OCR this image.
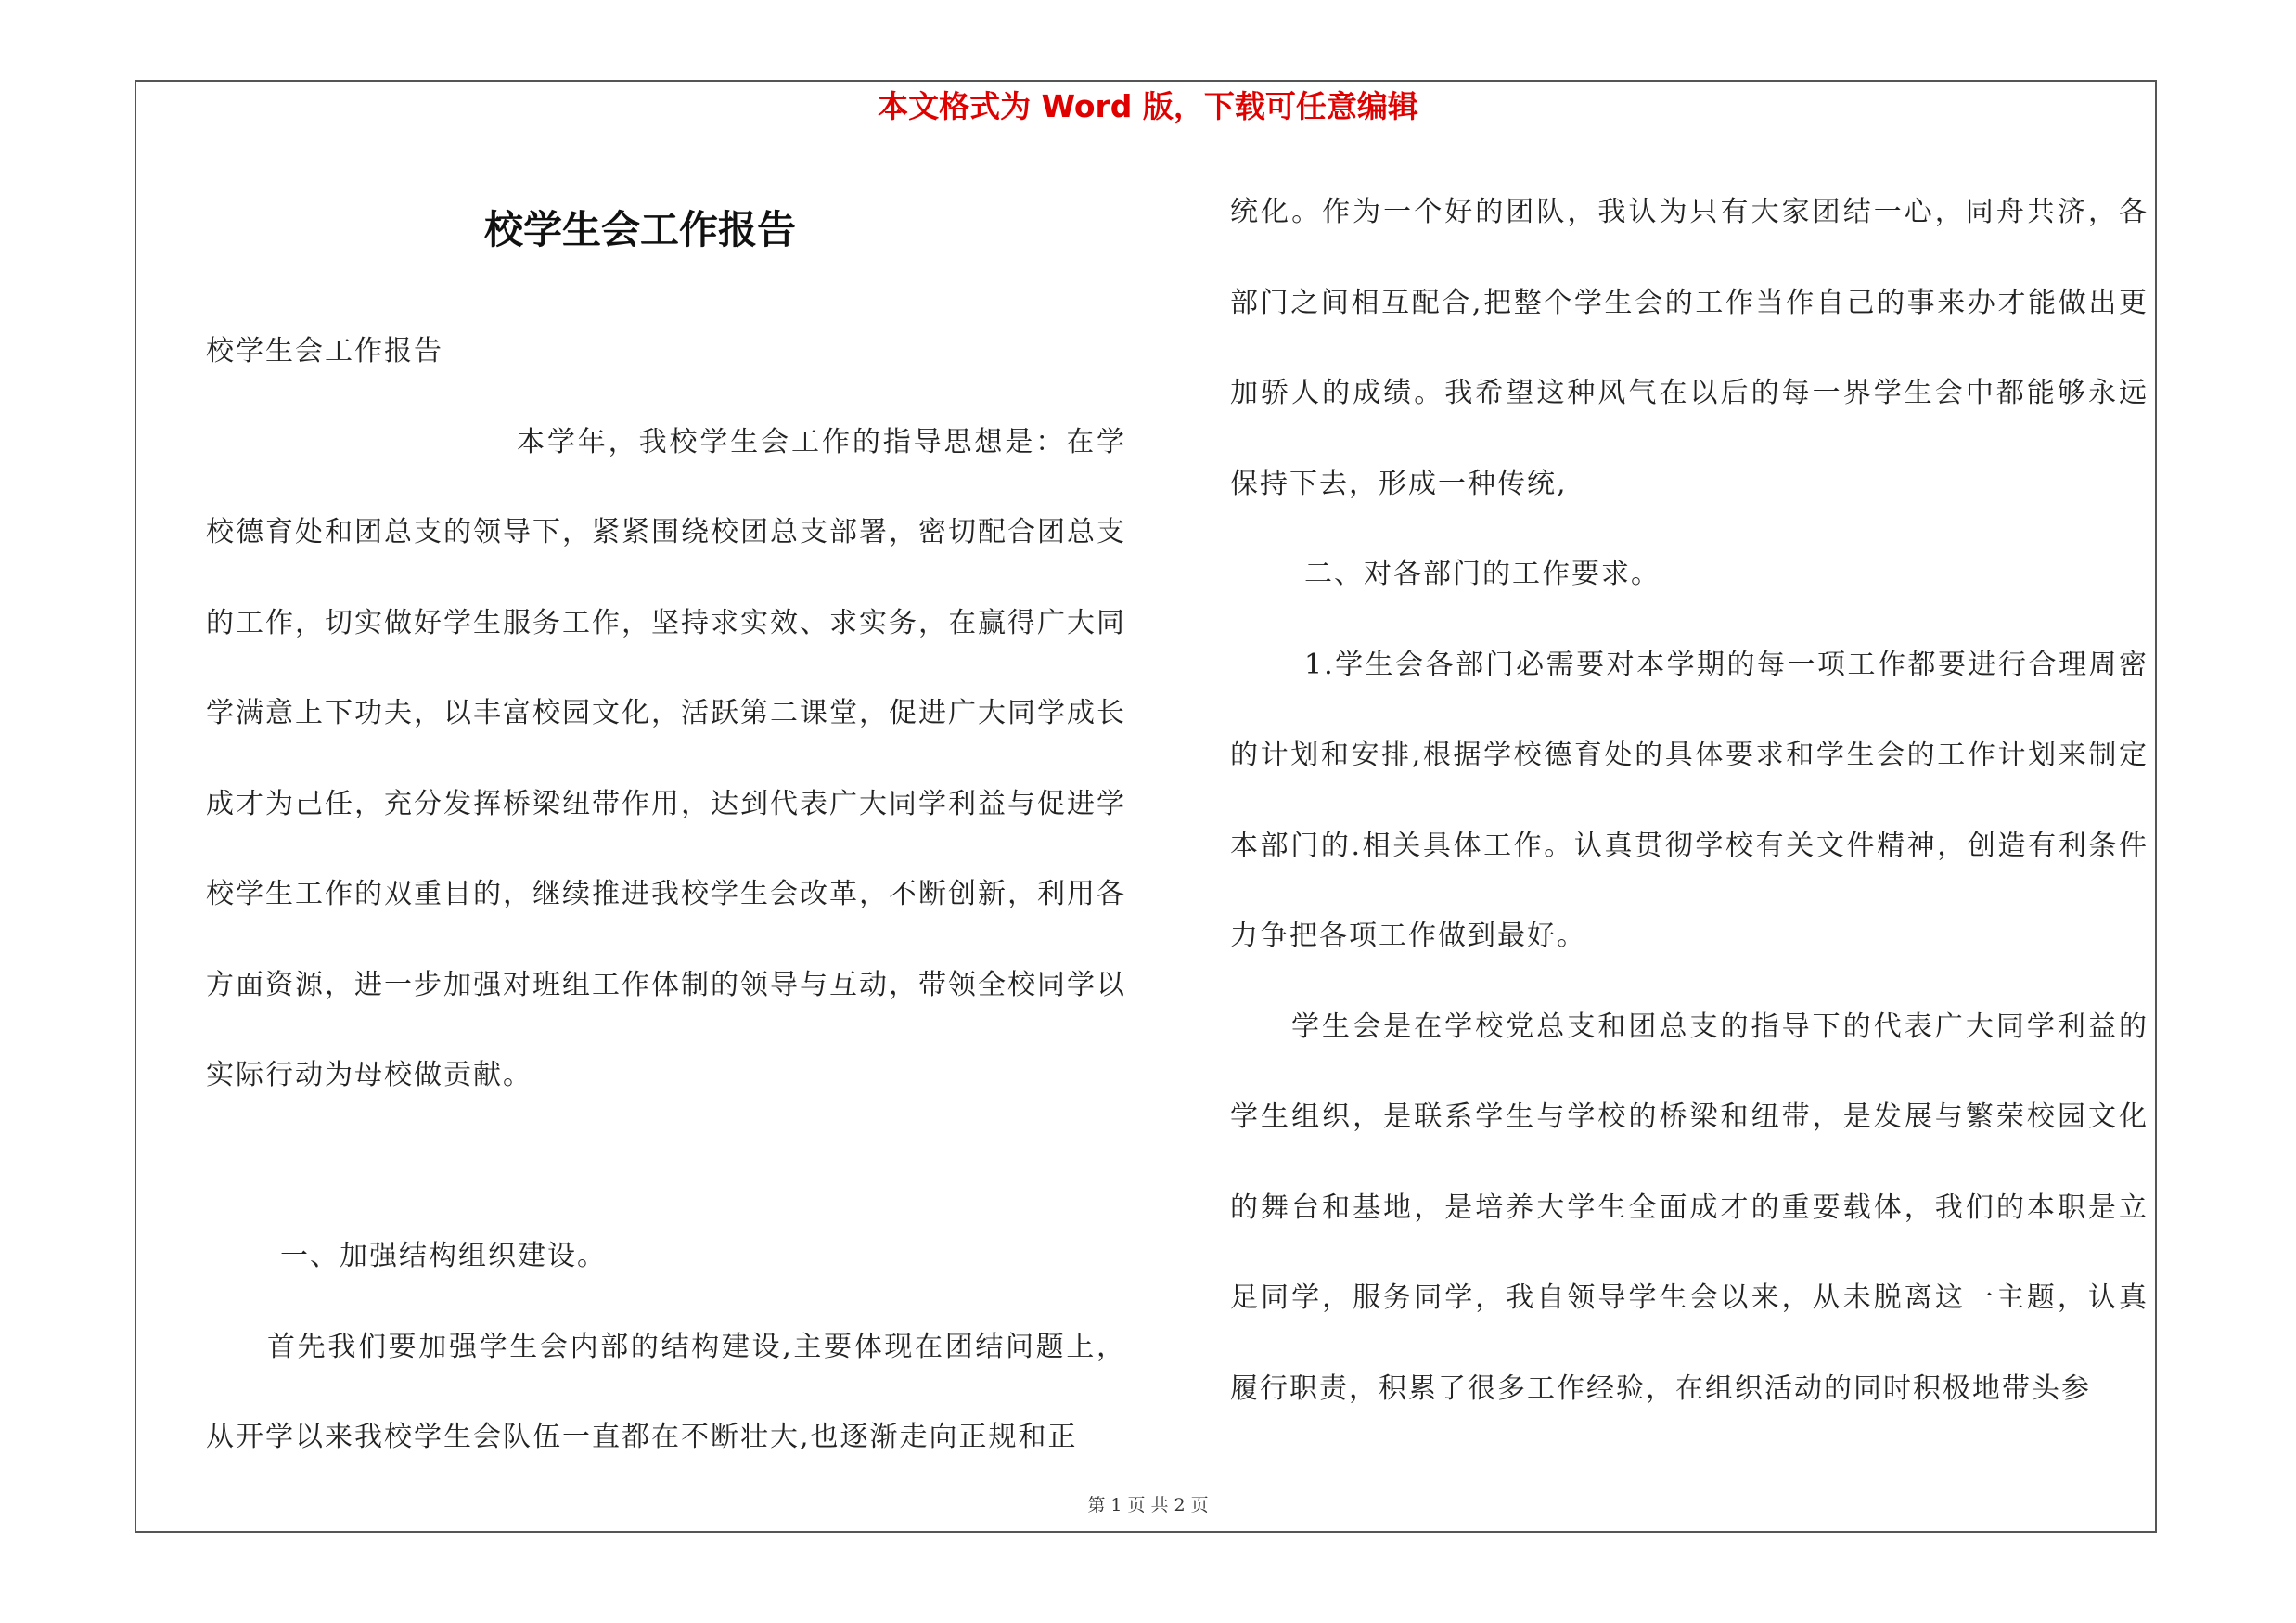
本文格式为 Word 版，下载可任意编辑
校学生会工作报告

校学生会工作报告

本学年，我校学生会工作的指导思想是：在学校德育处和团总支的领导下，紧紧围绕校团总支部署，密切配合团总支的工作，切实做好学生服务工作，坚持求实效、求实务，在赢得广大同学满意上下功夫，以丰富校园文化，活跃第二课堂，促进广大同学成长成才为己任，充分发挥桥梁纽带作用，达到代表广大同学利益与促进学校学生工作的双重目的，继续推进我校学生会改革，不断创新，利用各方面资源，进一步加强对班组工作体制的领导与互动，带领全校同学以实际行动为母校做贡献。

一、加强结构组织建设。

首先我们要加强学生会内部的结构建设,主要体现在团结问题上，从开学以来我校学生会队伍一直都在不断壮大,也逐渐走向正规和正

统化。作为一个好的团队，我认为只有大家团结一心，同舟共济，各部门之间相互配合,把整个学生会的工作当作自己的事来办才能做出更加骄人的成绩。我希望这种风气在以后的每一界学生会中都能够永远保持下去，形成一种传统,

二、对各部门的工作要求。

1.学生会各部门必需要对本学期的每一项工作都要进行合理周密的计划和安排,根据学校德育处的具体要求和学生会的工作计划来制定本部门的.相关具体工作。认真贯彻学校有关文件精神，创造有利条件力争把各项工作做到最好。

学生会是在学校党总支和团总支的指导下的代表广大同学利益的学生组织，是联系学生与学校的桥梁和纽带，是发展与繁荣校园文化的舞台和基地，是培养大学生全面成才的重要载体，我们的本职是立足同学，服务同学，我自领导学生会以来，从未脱离这一主题，认真履行职责，积累了很多工作经验，在组织活动的同时积极地带头参

第 1 页 共 2 页
